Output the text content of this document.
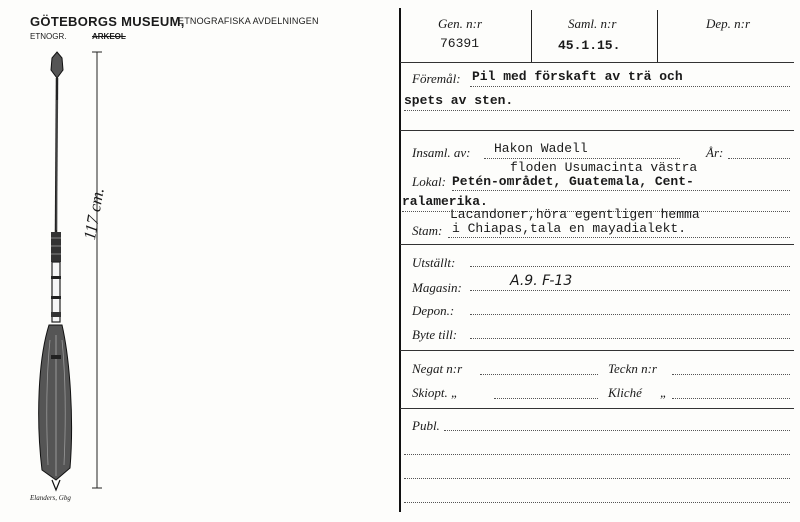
GÖTEBORGS MUSEUM,
ETNOGRAFISKA AVDELNINGEN
ETNOGR.	ARKEOL
117 cm.
Elanders, Gbg
Gen. n:r
76391
Saml. n:r
45.1.15.
Dep. n:r
Föremål: Pil med förskaft av trä och
spets av sten.
Insaml. av: Hakon Wadell	År:
floden Usumacinta västra
Lokal: Petén-området, Guatemala, Cent-
ralamerika.
Lacandoner,höra egentligen hemma
Stam: i Chiapas,tala en mayadialekt.
Utställt:
Magasin:	A.9. F-13
Depon.:
Byte till:
Negat n:r	Teckn n:r
Skiopt. „	Kliché „
Publ.
